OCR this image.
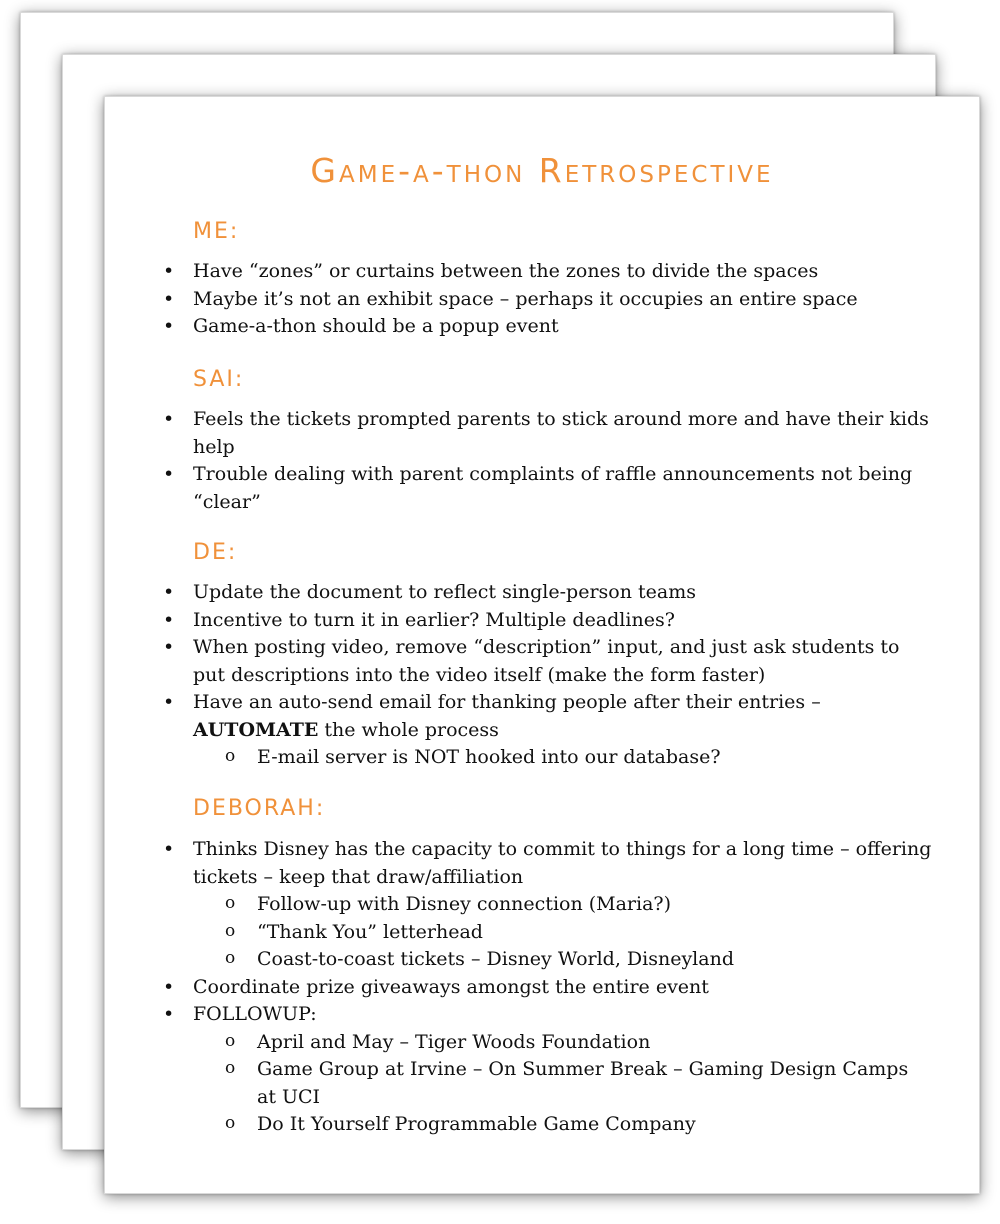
Game-a-thon Retrospective
ME:
• Have “zones” or curtains between the zones to divide the spaces
• Maybe it’s not an exhibit space – perhaps it occupies an entire space
• Game-a-thon should be a popup event
SAI:
• Feels the tickets prompted parents to stick around more and have their kids help
• Trouble dealing with parent complaints of raffle announcements not being “clear”
DE:
• Update the document to reflect single-person teams
• Incentive to turn it in earlier? Multiple deadlines?
• When posting video, remove “description” input, and just ask students to put descriptions into the video itself (make the form faster)
• Have an auto-send email for thanking people after their entries – AUTOMATE the whole process
o E-mail server is NOT hooked into our database?
DEBORAH:
• Thinks Disney has the capacity to commit to things for a long time – offering tickets – keep that draw/affiliation
o Follow-up with Disney connection (Maria?)
o “Thank You” letterhead
o Coast-to-coast tickets – Disney World, Disneyland
• Coordinate prize giveaways amongst the entire event
• FOLLOWUP:
o April and May – Tiger Woods Foundation
o Game Group at Irvine – On Summer Break – Gaming Design Camps at UCI
o Do It Yourself Programmable Game Company
